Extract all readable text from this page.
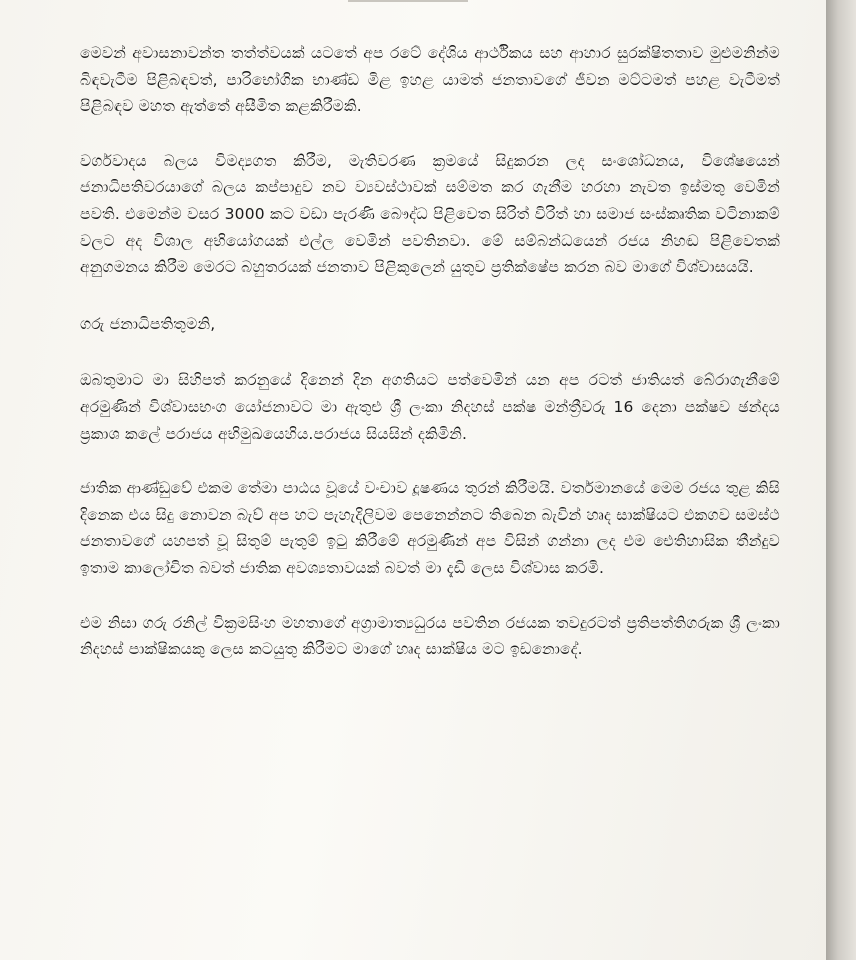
මෙවන් අවාසනාවන්ත තත්ත්වයක් යටතේ අප රටේ දේශිය ආර්ථිකය සහ ආහාර සුරක්ෂිතතාව මුළුමනින්ම බිඳවැටීම පිළිබඳවත්, පාරිභෝගික භාණ්ඩ මිළ ඉහළ යාමත් ජනතාවගේ ජීවන මට්ටමත් පහළ වැටීමත් පිළිබඳව මහත ඇත්තේ අසීමිත කළකිරීමකි.

වර්ගවාදය බලය විමද්‍යගත කිරීම, මැතිවරණ ක්‍රමයේ සිදුකරන ලද සංශෝධනය, විශේෂයෙන් ජනාධිපතිවරයාගේ බලය කප්පාදුව නව ව්‍යවස්ථාවක් සම්මත කර ගැනීම හරහා නැවත ඉස්මතු වෙමින් පවති. එමෙන්ම වසර 3000 කට වඩා පැරණි බෞද්ධ පිළිවෙත සිරිත් විරිත් හා සමාජ සංස්කෘතික වටිනාකම් වලට අද විශාල අභියෝගයක් එල්ල වෙමින් පවතිනවා. මේ සම්බන්ධයෙන් රජය නිහඬ පිළිවෙතක් අනුගමනය කිරීම මෙරට බහුතරයක් ජනතාව පිළිකුලෙන් යුතුව ප්‍රතික්ෂේප කරන බව මාගේ විශ්වාසයයි.

ගරු ජනාධිපතිතුමනි,

ඔබතුමාට මා සිහිපත් කරනුයේ දිනෙන් දින අගතියට පත්වෙමින් යන අප රටත් ජාතියත් බේරාගැනීමේ අරමුණින් විශ්වාසභංග යෝජනාවට මා ඇතුළු ශ්‍රී ලංකා නිදහස් පක්ෂ මන්ත්‍රීවරු 16 දෙනා පක්ෂව ඡන්දය ප්‍රකාශ කලේ පරාජය අභිමුඛයෙහිය.පරාජය සියසින් දකිමිනි.

ජාතික ආණ්ඩුවේ එකම තේමා පාඨය වූයේ වංචාව දූෂණය තුරන් කිරීමයි. වර්තමානයේ මෙම රජය තුළ කිසි දිනෙක එය සිදු නොවන බැව් අප හට පැහැදිලිවම පෙනෙන්නට තිබෙන බැවින් හෘද සාක්ෂියට එකගව සමස්ථ ජනතාවගේ යහපත් වූ සිතුම් පැතුම් ඉටු කිරීමේ අරමුණින් අප විසින් ගන්නා ලද එම ඓතිහාසික තීන්දුව ඉතාම කාලෝචිත බවත් ජාතික අවශ්‍යතාවයක් බවත් මා දැඩි ලෙස විශ්වාස කරමි.

එම නිසා ගරු රනිල් වික්‍රමසිංහ මහතාගේ අග්‍රාමාත්‍යධුරය පවතින රජයක තවදුරටත් ප්‍රතිපත්තිගරුක ශ්‍රී ලංකා නිදහස් පාක්ෂිකයකු ලෙස කටයුතු කිරීමට මාගේ හෘද සාක්ෂිය මට ඉඩනොදේ.
